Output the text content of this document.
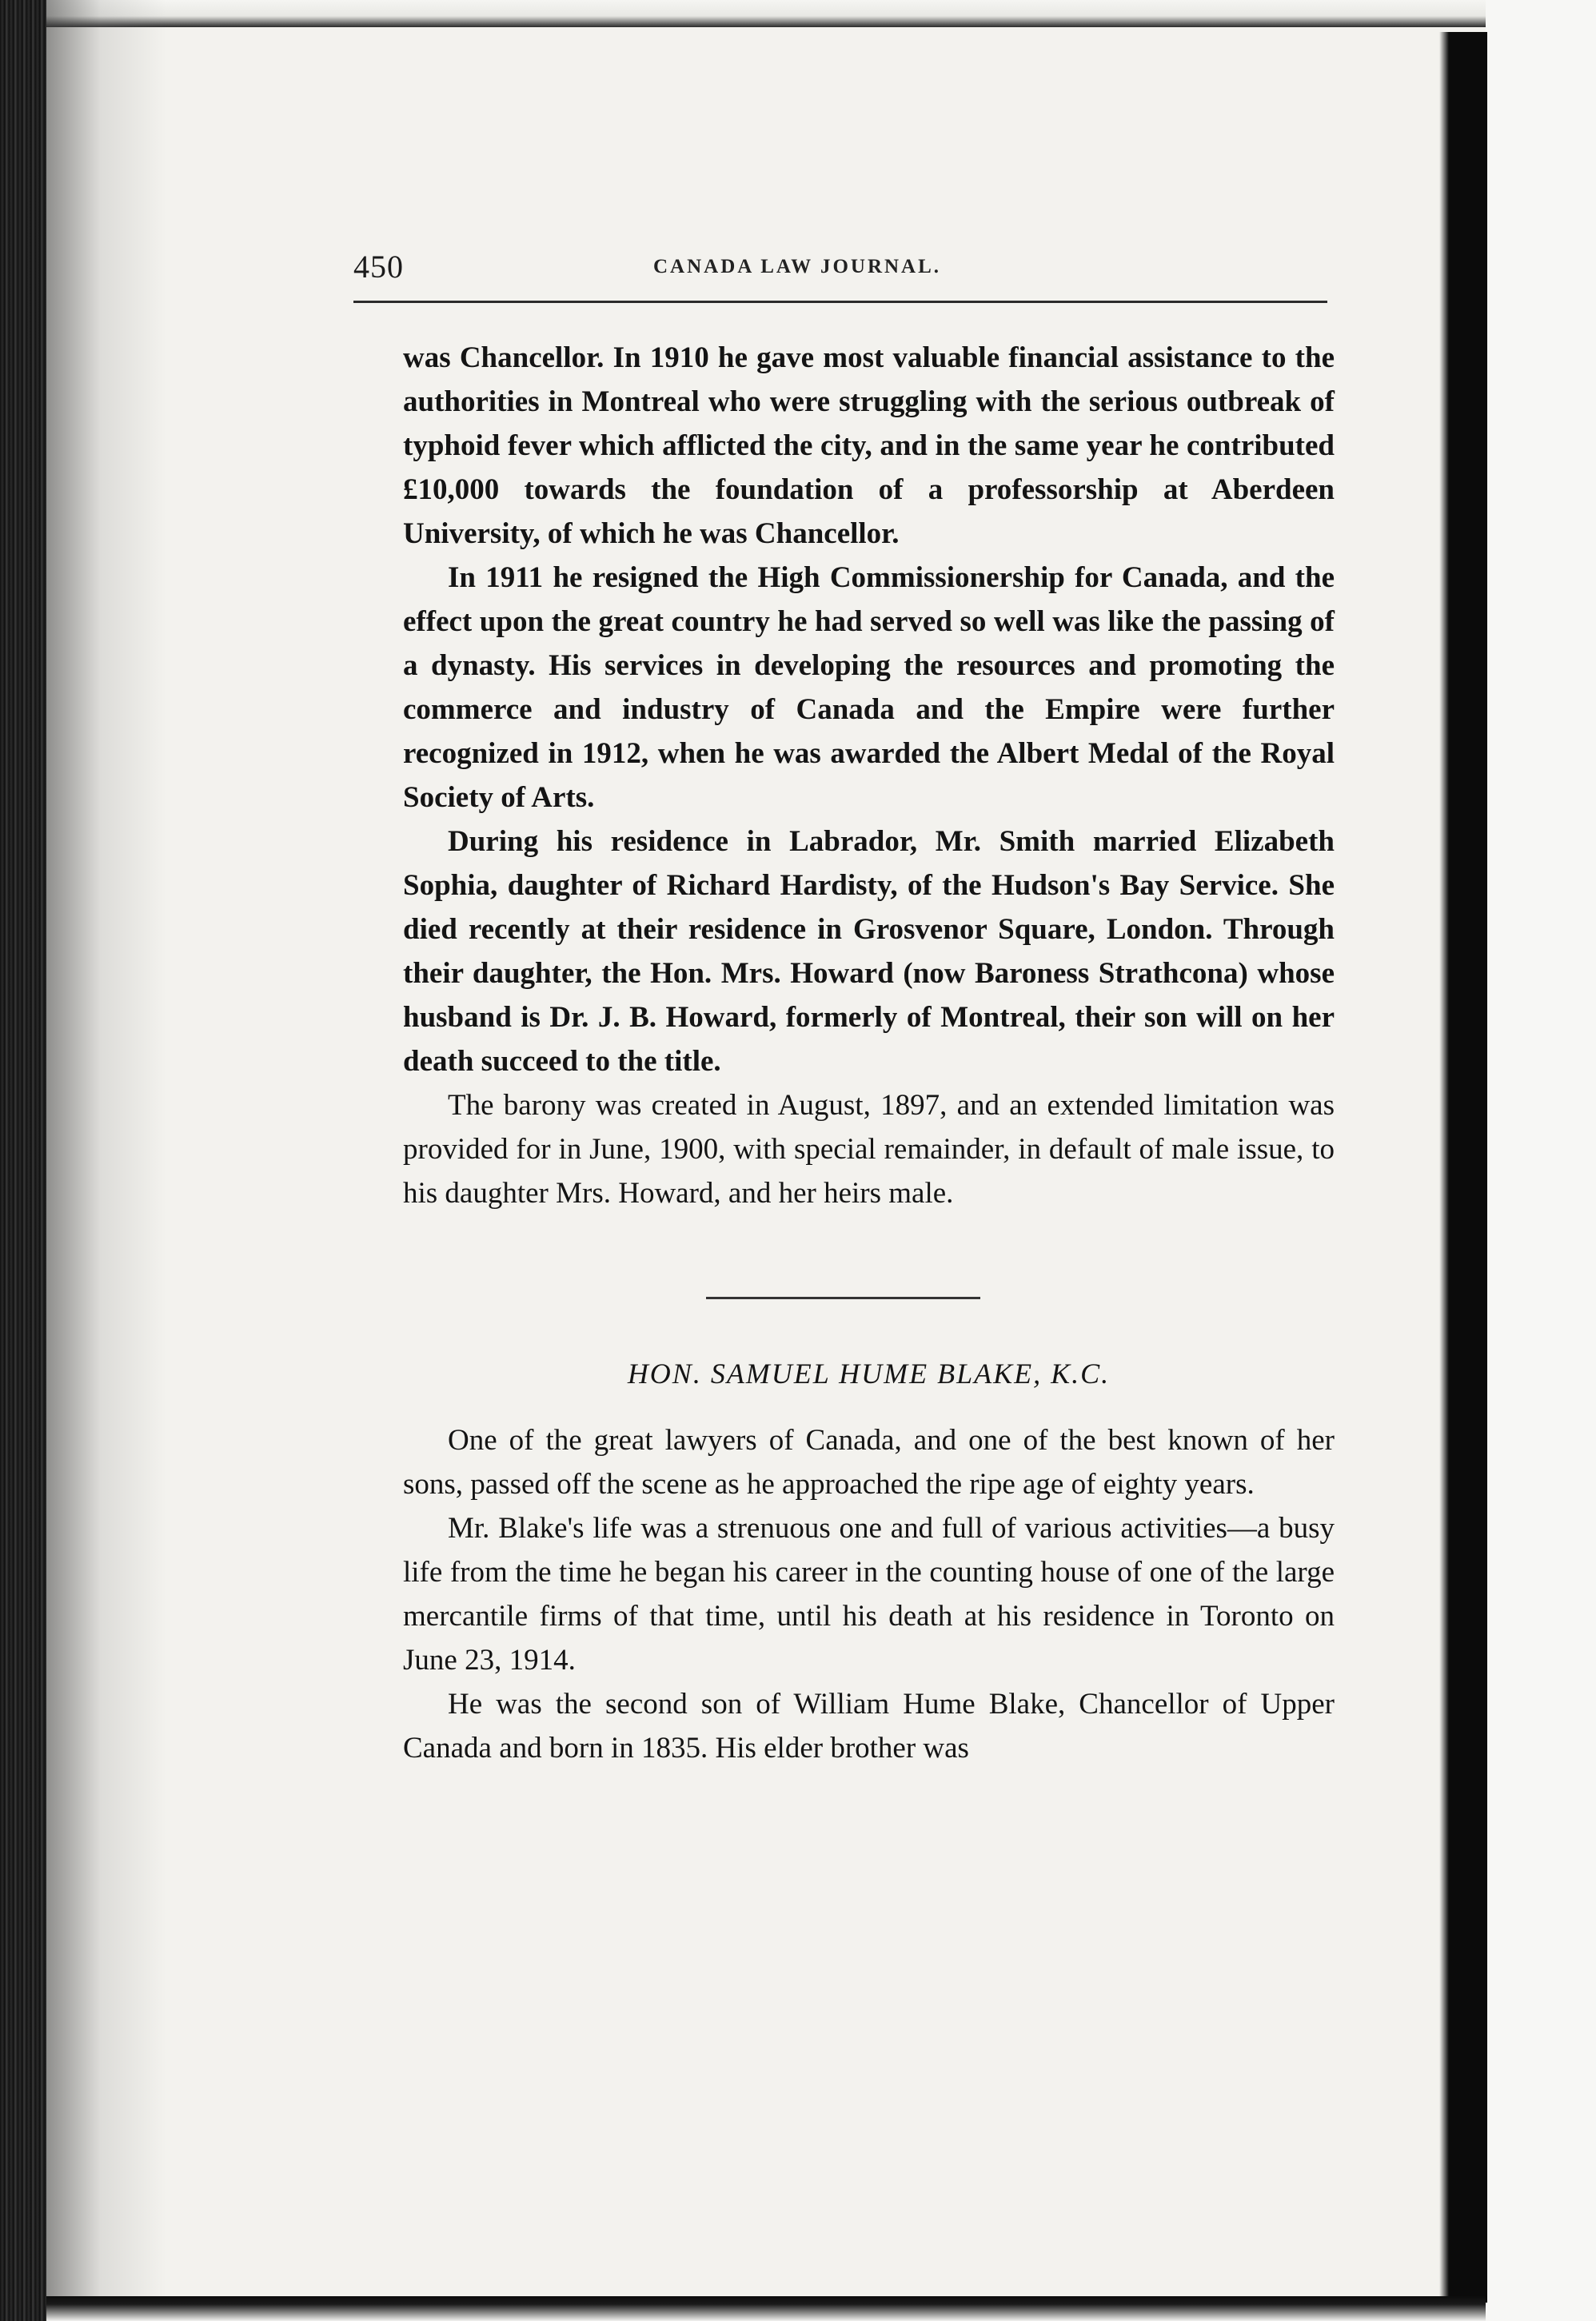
450	CANADA LAW JOURNAL.

was Chancellor. In 1910 he gave most valuable financial assistance to the authorities in Montreal who were struggling with the serious outbreak of typhoid fever which afflicted the city, and in the same year he contributed £10,000 towards the foundation of a professorship at Aberdeen University, of which he was Chancellor.

In 1911 he resigned the High Commissionership for Canada, and the effect upon the great country he had served so well was like the passing of a dynasty. His services in developing the resources and promoting the commerce and industry of Canada and the Empire were further recognized in 1912, when he was awarded the Albert Medal of the Royal Society of Arts.

During his residence in Labrador, Mr. Smith married Elizabeth Sophia, daughter of Richard Hardisty, of the Hudson's Bay Service. She died recently at their residence in Grosvenor Square, London. Through their daughter, the Hon. Mrs. Howard (now Baroness Strathcona) whose husband is Dr. J. B. Howard, formerly of Montreal, their son will on her death succeed to the title.

The barony was created in August, 1897, and an extended limitation was provided for in June, 1900, with special remainder, in default of male issue, to his daughter Mrs. Howard, and her heirs male.

HON. SAMUEL HUME BLAKE, K.C.

One of the great lawyers of Canada, and one of the best known of her sons, passed off the scene as he approached the ripe age of eighty years.

Mr. Blake's life was a strenuous one and full of various activities—a busy life from the time he began his career in the counting house of one of the large mercantile firms of that time, until his death at his residence in Toronto on June 23, 1914.

He was the second son of William Hume Blake, Chancellor of Upper Canada and born in 1835. His elder brother was
